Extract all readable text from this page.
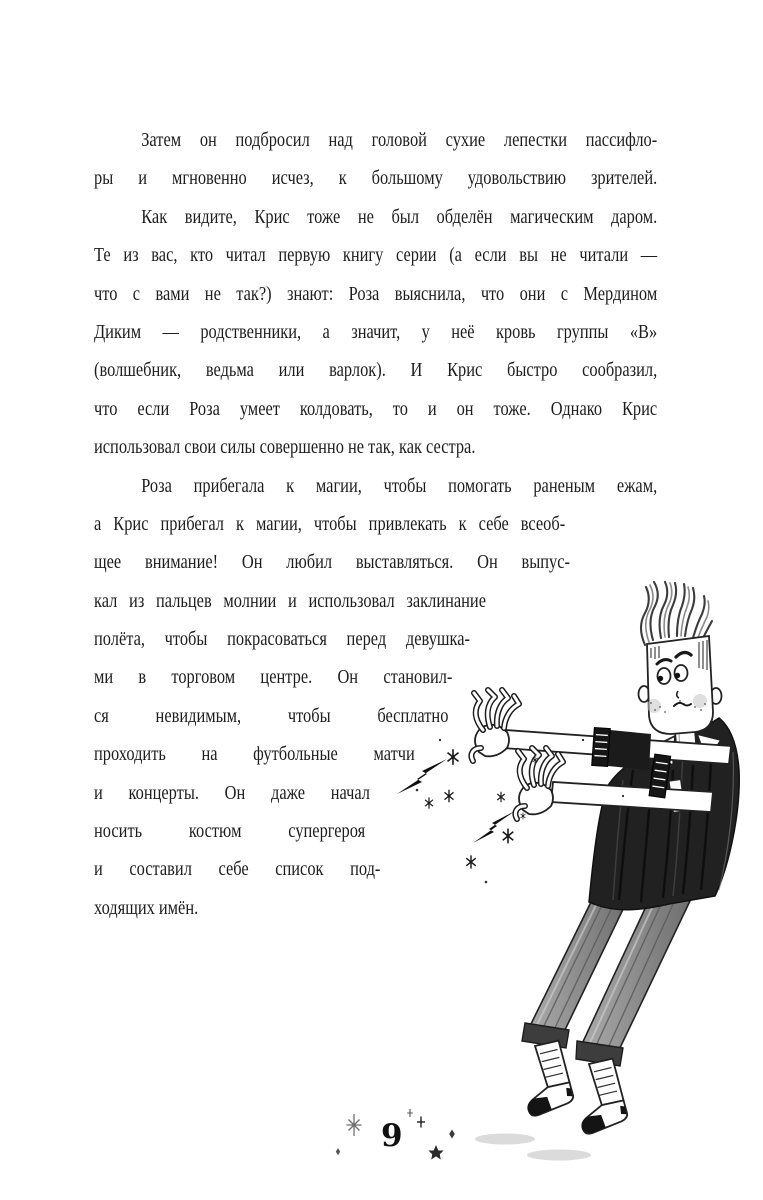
Затем он подбросил над головой сухие лепестки пассифло-
ры и мгновенно исчез, к большому удовольствию зрителей.
Как видите, Крис тоже не был обделён магическим даром.
Те из вас, кто читал первую книгу серии (а если вы не читали —
что с вами не так?) знают: Роза выяснила, что они с Мердином
Диким — родственники, а значит, у неё кровь группы «В»
(волшебник, ведьма или варлок). И Крис быстро сообразил,
что если Роза умеет колдовать, то и он тоже. Однако Крис
использовал свои силы совершенно не так, как сестра.
Роза прибегала к магии, чтобы помогать раненым ежам,
а Крис прибегал к магии, чтобы привлекать к себе всеоб-
щее внимание! Он любил выставляться. Он выпус-
кал из пальцев молнии и использовал заклинание
полёта, чтобы покрасоваться перед девушка-
ми в торговом центре. Он становил-
ся невидимым, чтобы бесплатно
проходить на футбольные матчи
и концерты. Он даже начал
носить костюм супергероя
и составил себе список под-
ходящих имён.
9
